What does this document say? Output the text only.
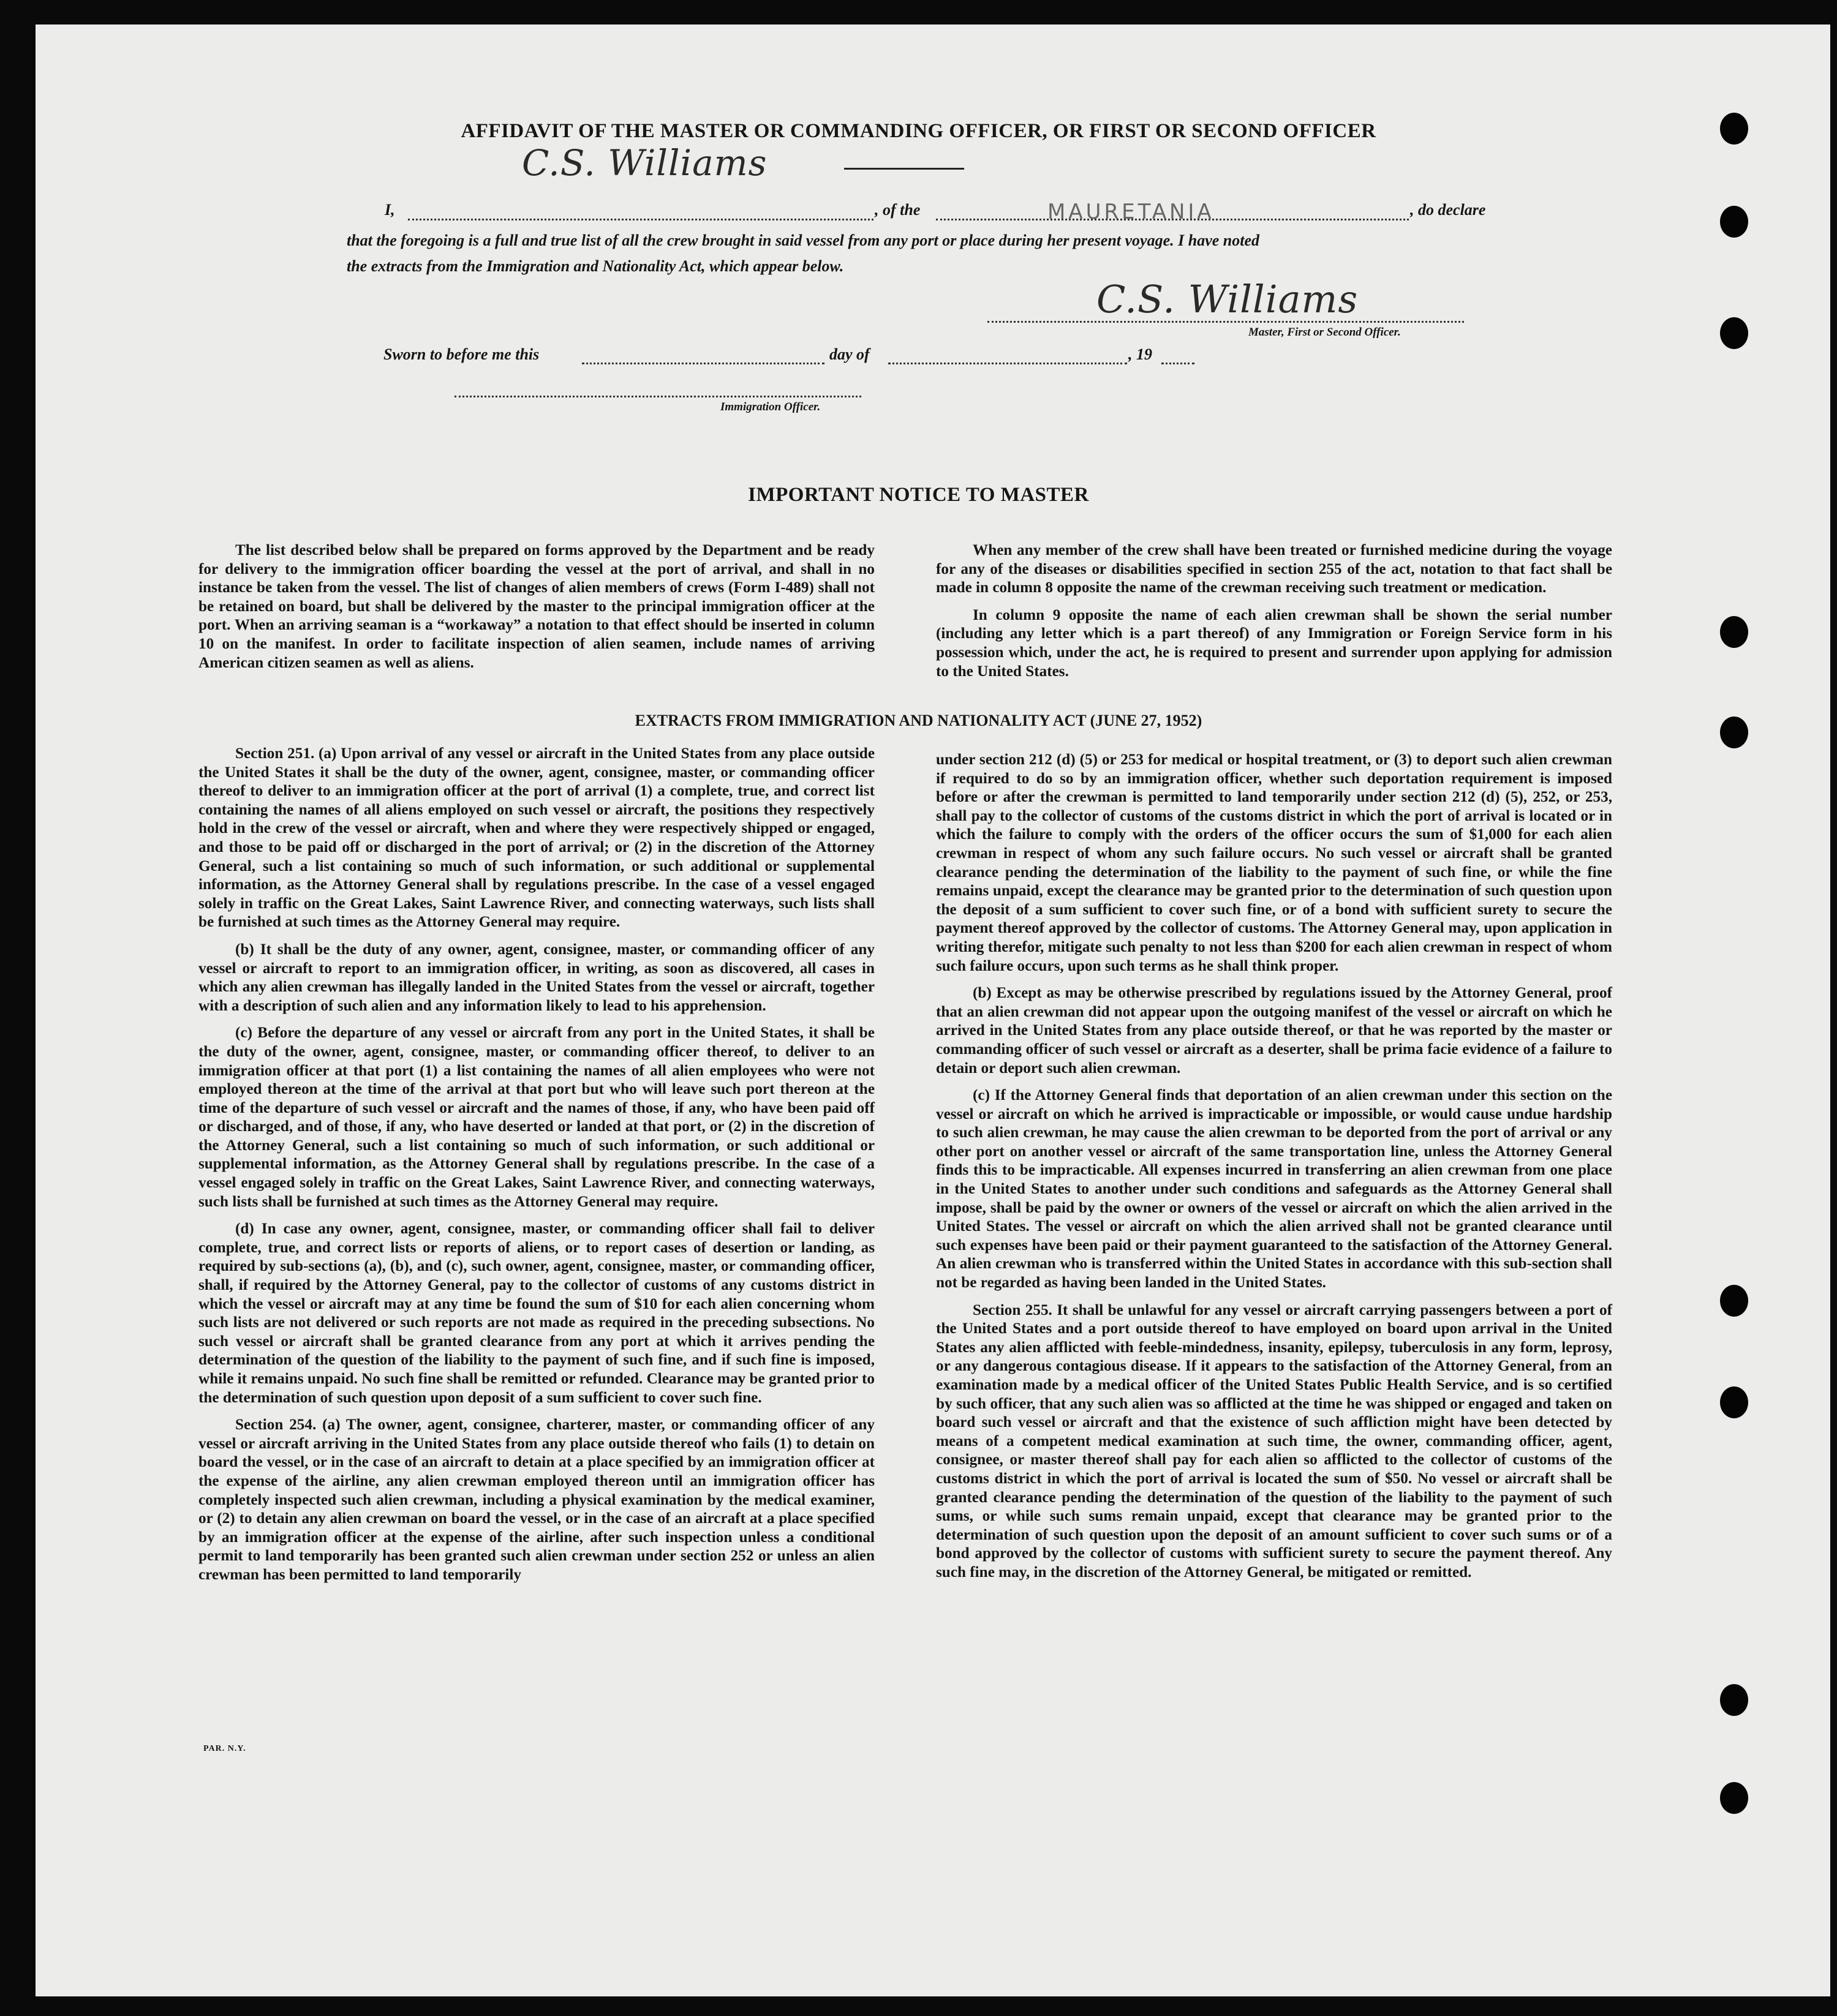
AFFIDAVIT OF THE MASTER OR COMMANDING OFFICER, OR FIRST OR SECOND OFFICER
C.S. Williams
I,	, of the	MAURETANIA	, do declare
that the foregoing is a full and true list of all the crew brought in said vessel from any port or place during her present voyage. I have noted
the extracts from the Immigration and Nationality Act, which appear below.
C.S. Williams
Master, First or Second Officer.
Sworn to before me this	day of	, 19
Immigration Officer.
IMPORTANT NOTICE TO MASTER

The list described below shall be prepared on forms approved by the Department and be ready for delivery to the immigration officer boarding the vessel at the port of arrival, and shall in no instance be taken from the vessel. The list of changes of alien members of crews (Form I-489) shall not be retained on board, but shall be delivered by the master to the principal immigration officer at the port. When an arriving seaman is a “workaway” a notation to that effect should be inserted in column 10 on the manifest. In order to facilitate inspection of alien seamen, include names of arriving American citizen seamen as well as aliens.

When any member of the crew shall have been treated or furnished medicine during the voyage for any of the diseases or disabilities specified in section 255 of the act, notation to that fact shall be made in column 8 opposite the name of the crewman receiving such treatment or medication.

In column 9 opposite the name of each alien crewman shall be shown the serial number (including any letter which is a part thereof) of any Immigration or Foreign Service form in his possession which, under the act, he is required to present and surrender upon applying for admission to the United States.

EXTRACTS FROM IMMIGRATION AND NATIONALITY ACT (JUNE 27, 1952)

Section 251. (a) Upon arrival of any vessel or aircraft in the United States from any place outside the United States it shall be the duty of the owner, agent, consignee, master, or commanding officer thereof to deliver to an immigration officer at the port of arrival (1) a complete, true, and correct list containing the names of all aliens employed on such vessel or aircraft, the positions they respectively hold in the crew of the vessel or aircraft, when and where they were respectively shipped or engaged, and those to be paid off or discharged in the port of arrival; or (2) in the discretion of the Attorney General, such a list containing so much of such information, or such additional or supplemental information, as the Attorney General shall by regulations prescribe. In the case of a vessel engaged solely in traffic on the Great Lakes, Saint Lawrence River, and connecting waterways, such lists shall be furnished at such times as the Attorney General may require.

(b) It shall be the duty of any owner, agent, consignee, master, or commanding officer of any vessel or aircraft to report to an immigration officer, in writing, as soon as discovered, all cases in which any alien crewman has illegally landed in the United States from the vessel or aircraft, together with a description of such alien and any information likely to lead to his apprehension.

(c) Before the departure of any vessel or aircraft from any port in the United States, it shall be the duty of the owner, agent, consignee, master, or commanding officer thereof, to deliver to an immigration officer at that port (1) a list containing the names of all alien employees who were not employed thereon at the time of the arrival at that port but who will leave such port thereon at the time of the departure of such vessel or aircraft and the names of those, if any, who have been paid off or discharged, and of those, if any, who have deserted or landed at that port, or (2) in the discretion of the Attorney General, such a list containing so much of such information, or such additional or supplemental information, as the Attorney General shall by regulations prescribe. In the case of a vessel engaged solely in traffic on the Great Lakes, Saint Lawrence River, and connecting waterways, such lists shall be furnished at such times as the Attorney General may require.

(d) In case any owner, agent, consignee, master, or commanding officer shall fail to deliver complete, true, and correct lists or reports of aliens, or to report cases of desertion or landing, as required by sub-sections (a), (b), and (c), such owner, agent, consignee, master, or commanding officer, shall, if required by the Attorney General, pay to the collector of customs of any customs district in which the vessel or aircraft may at any time be found the sum of $10 for each alien concerning whom such lists are not delivered or such reports are not made as required in the preceding subsections. No such vessel or aircraft shall be granted clearance from any port at which it arrives pending the determination of the question of the liability to the payment of such fine, and if such fine is imposed, while it remains unpaid. No such fine shall be remitted or refunded. Clearance may be granted prior to the determination of such question upon deposit of a sum sufficient to cover such fine.

Section 254. (a) The owner, agent, consignee, charterer, master, or commanding officer of any vessel or aircraft arriving in the United States from any place outside thereof who fails (1) to detain on board the vessel, or in the case of an aircraft to detain at a place specified by an immigration officer at the expense of the airline, any alien crewman employed thereon until an immigration officer has completely inspected such alien crewman, including a physical examination by the medical examiner, or (2) to detain any alien crewman on board the vessel, or in the case of an aircraft at a place specified by an immigration officer at the expense of the airline, after such inspection unless a conditional permit to land temporarily has been granted such alien crewman under section 252 or unless an alien crewman has been permitted to land temporarily

under section 212 (d) (5) or 253 for medical or hospital treatment, or (3) to deport such alien crewman if required to do so by an immigration officer, whether such deportation requirement is imposed before or after the crewman is permitted to land temporarily under section 212 (d) (5), 252, or 253, shall pay to the collector of customs of the customs district in which the port of arrival is located or in which the failure to comply with the orders of the officer occurs the sum of $1,000 for each alien crewman in respect of whom any such failure occurs. No such vessel or aircraft shall be granted clearance pending the determination of the liability to the payment of such fine, or while the fine remains unpaid, except the clearance may be granted prior to the determination of such question upon the deposit of a sum sufficient to cover such fine, or of a bond with sufficient surety to secure the payment thereof approved by the collector of customs. The Attorney General may, upon application in writing therefor, mitigate such penalty to not less than $200 for each alien crewman in respect of whom such failure occurs, upon such terms as he shall think proper.

(b) Except as may be otherwise prescribed by regulations issued by the Attorney General, proof that an alien crewman did not appear upon the outgoing manifest of the vessel or aircraft on which he arrived in the United States from any place outside thereof, or that he was reported by the master or commanding officer of such vessel or aircraft as a deserter, shall be prima facie evidence of a failure to detain or deport such alien crewman.

(c) If the Attorney General finds that deportation of an alien crewman under this section on the vessel or aircraft on which he arrived is impracticable or impossible, or would cause undue hardship to such alien crewman, he may cause the alien crewman to be deported from the port of arrival or any other port on another vessel or aircraft of the same transportation line, unless the Attorney General finds this to be impracticable. All expenses incurred in transferring an alien crewman from one place in the United States to another under such conditions and safeguards as the Attorney General shall impose, shall be paid by the owner or owners of the vessel or aircraft on which the alien arrived in the United States. The vessel or aircraft on which the alien arrived shall not be granted clearance until such expenses have been paid or their payment guaranteed to the satisfaction of the Attorney General. An alien crewman who is transferred within the United States in accordance with this sub-section shall not be regarded as having been landed in the United States.

Section 255. It shall be unlawful for any vessel or aircraft carrying passengers between a port of the United States and a port outside thereof to have employed on board upon arrival in the United States any alien afflicted with feeble-mindedness, insanity, epilepsy, tuberculosis in any form, leprosy, or any dangerous contagious disease. If it appears to the satisfaction of the Attorney General, from an examination made by a medical officer of the United States Public Health Service, and is so certified by such officer, that any such alien was so afflicted at the time he was shipped or engaged and taken on board such vessel or aircraft and that the existence of such affliction might have been detected by means of a competent medical examination at such time, the owner, commanding officer, agent, consignee, or master thereof shall pay for each alien so afflicted to the collector of customs of the customs district in which the port of arrival is located the sum of $50. No vessel or aircraft shall be granted clearance pending the determination of the question of the liability to the payment of such sums, or while such sums remain unpaid, except that clearance may be granted prior to the determination of such question upon the deposit of an amount sufficient to cover such sums or of a bond approved by the collector of customs with sufficient surety to secure the payment thereof. Any such fine may, in the discretion of the Attorney General, be mitigated or remitted.

PAR. N.Y.
